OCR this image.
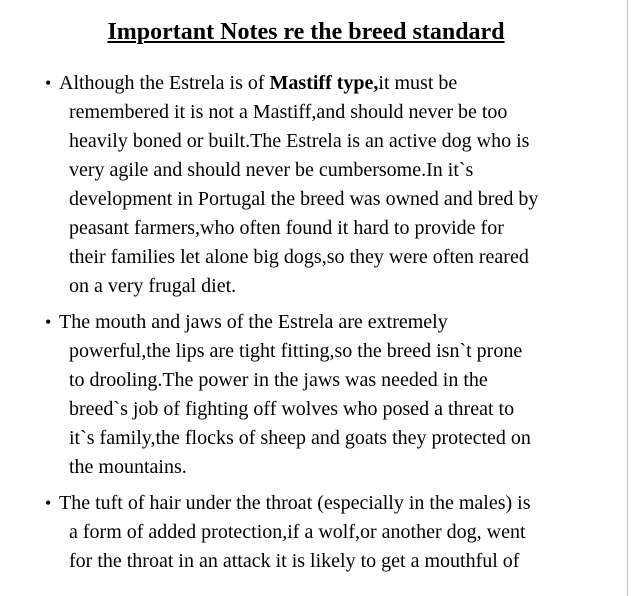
Important Notes re the breed standard
• Although the Estrela is of Mastiff type,it must be
remembered it is not a Mastiff,and should never be too
heavily boned or built.The Estrela is an active dog who is
very agile and should never be cumbersome.In it`s
development in Portugal the breed was owned and bred by
peasant farmers,who often found it hard to provide for
their families let alone big dogs,so they were often reared
on a very frugal diet.
• The mouth and jaws of the Estrela are extremely
powerful,the lips are tight fitting,so the breed isn`t prone
to drooling.The power in the jaws was needed in the
breed`s job of fighting off wolves who posed a threat to
it`s family,the flocks of sheep and goats they protected on
the mountains.
• The tuft of hair under the throat (especially in the males) is
a form of added protection,if a wolf,or another dog, went
for the throat in an attack it is likely to get a mouthful of
